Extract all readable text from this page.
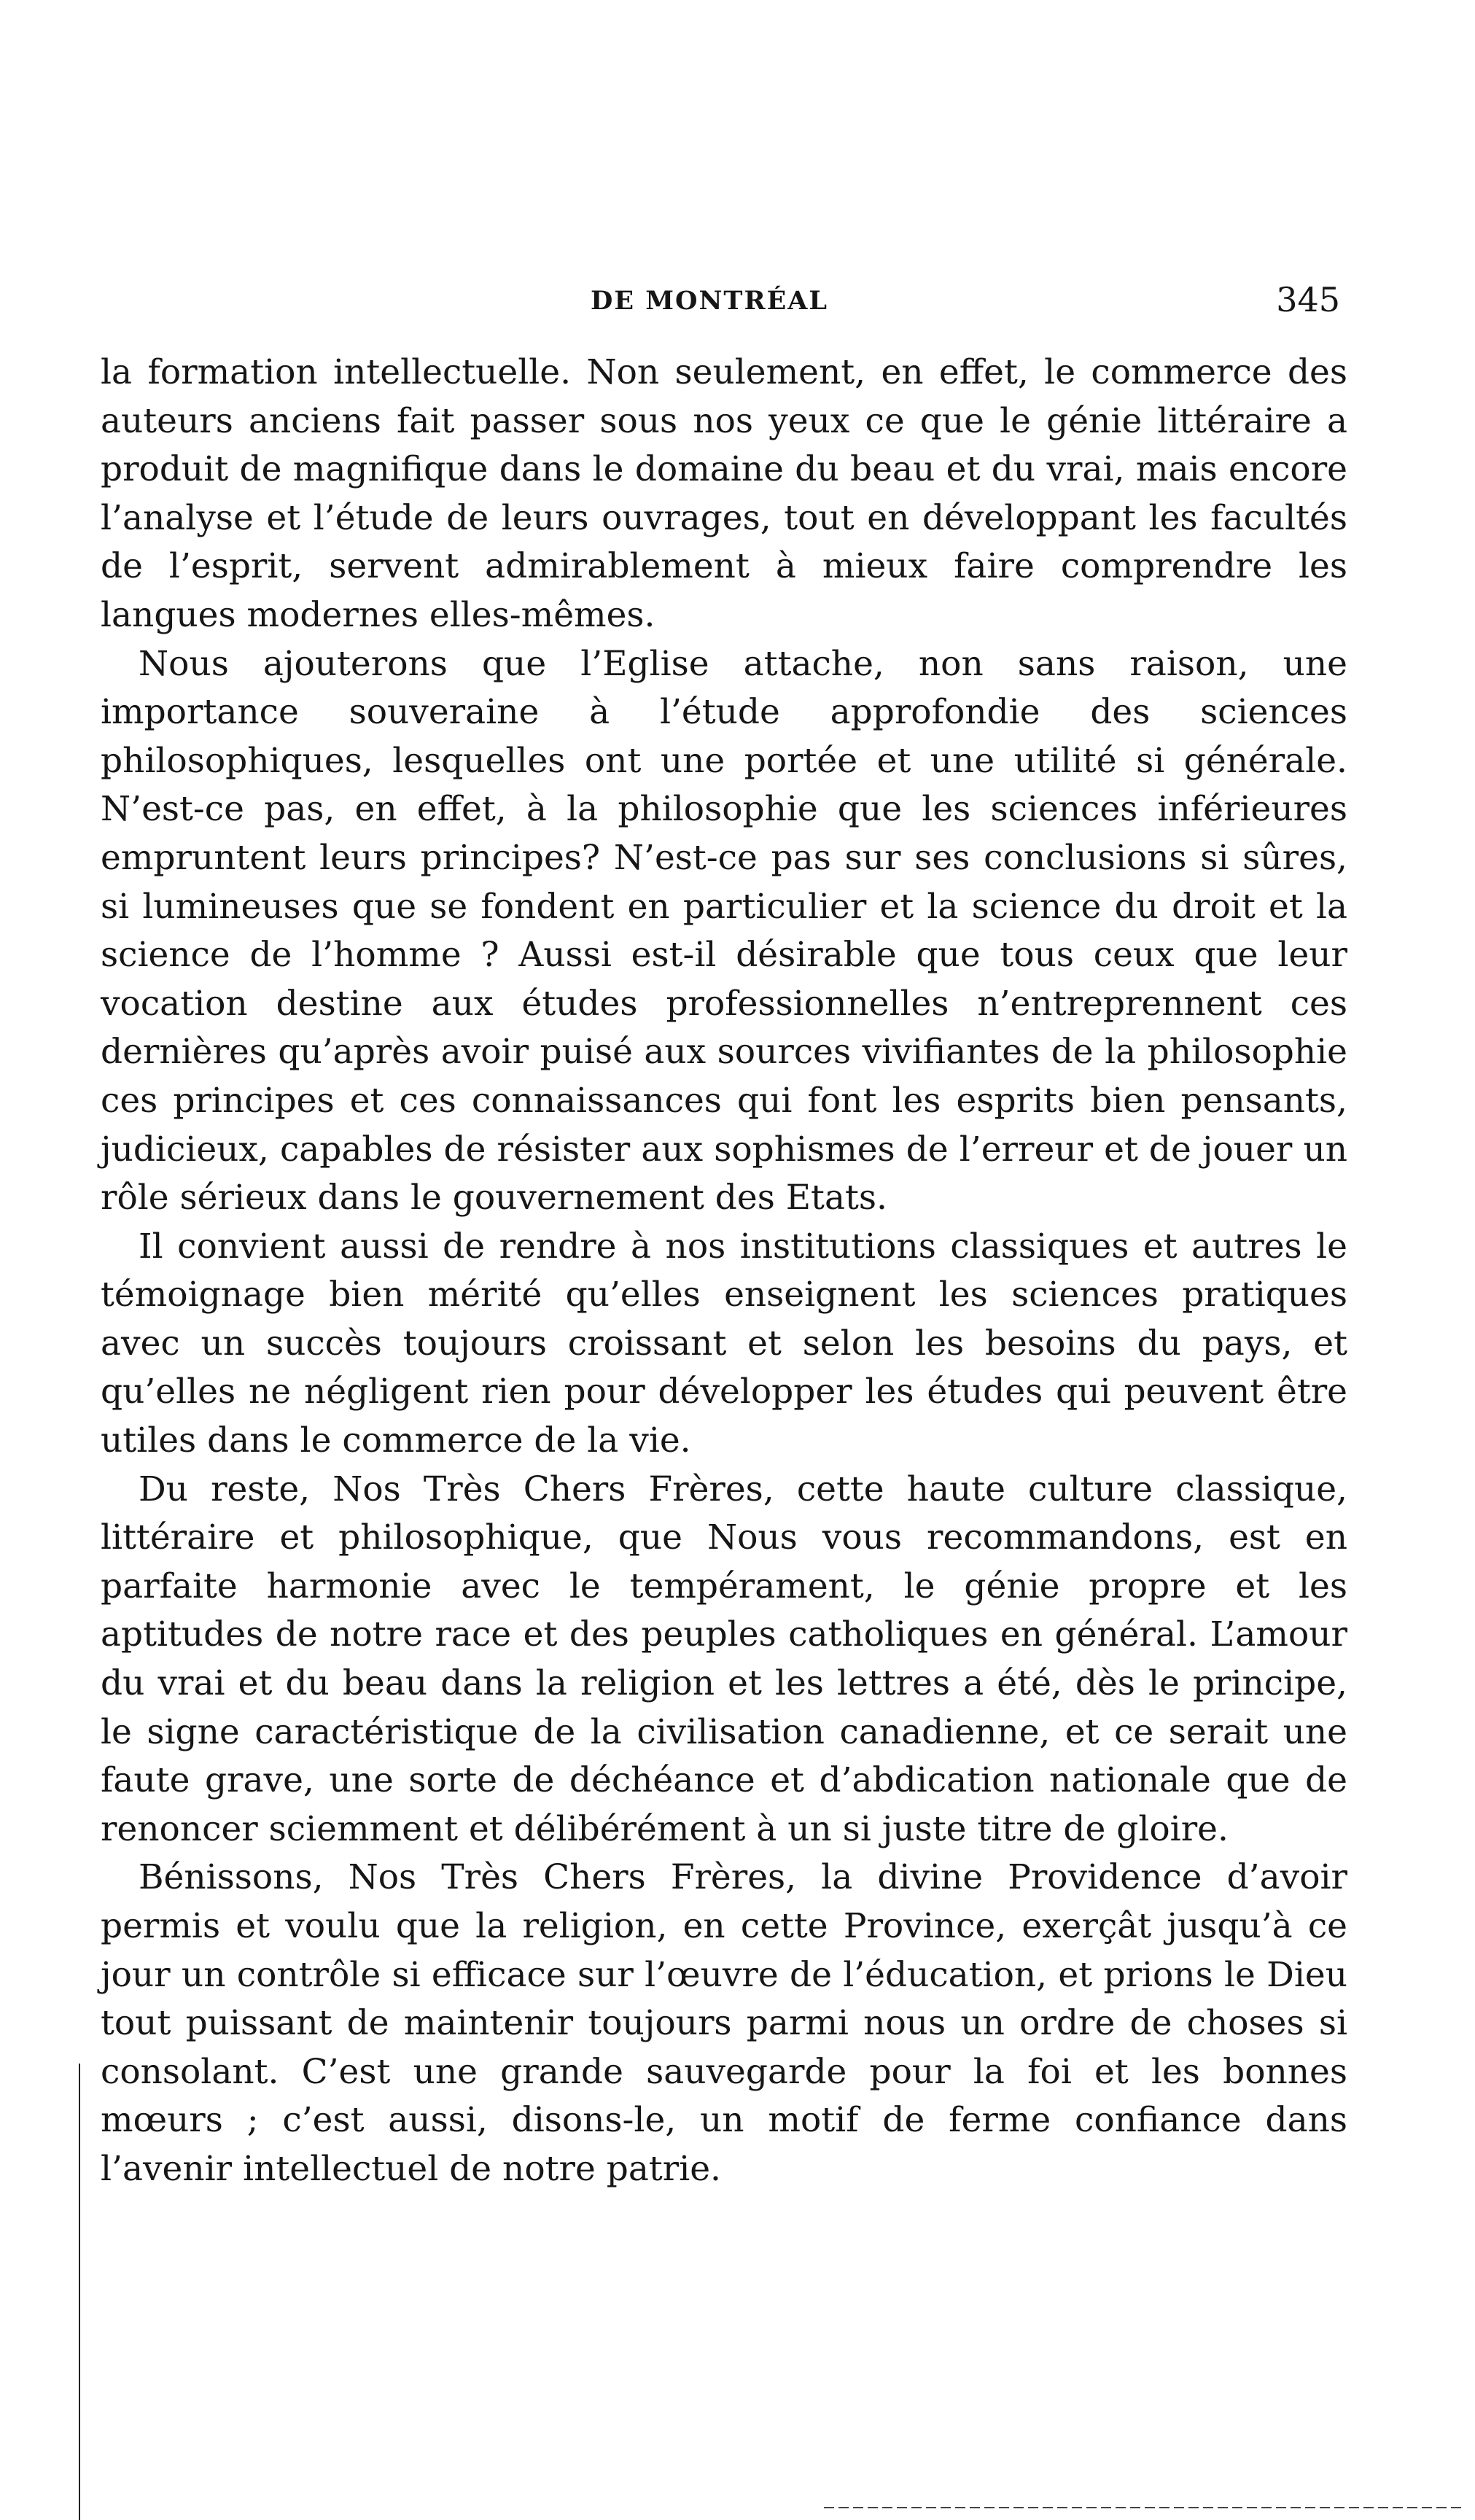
DE MONTRÉAL	345

la formation intellectuelle. Non seulement, en effet, le commerce des auteurs anciens fait passer sous nos yeux ce que le génie littéraire a produit de magnifique dans le domaine du beau et du vrai, mais encore l’analyse et l’étude de leurs ouvrages, tout en développant les facultés de l’esprit, servent admirablement à mieux faire comprendre les langues modernes elles-mêmes.

Nous ajouterons que l’Eglise attache, non sans raison, une importance souveraine à l’étude approfondie des sciences philosophiques, lesquelles ont une portée et une utilité si générale. N’est-ce pas, en effet, à la philosophie que les sciences inférieures empruntent leurs principes? N’est-ce pas sur ses conclusions si sûres, si lumineuses que se fondent en particulier et la science du droit et la science de l’homme ? Aussi est-il désirable que tous ceux que leur vocation destine aux études professionnelles n’entreprennent ces dernières qu’après avoir puisé aux sources vivifiantes de la philosophie ces principes et ces connaissances qui font les esprits bien pensants, judicieux, capables de résister aux sophismes de l’erreur et de jouer un rôle sérieux dans le gouvernement des Etats.

Il convient aussi de rendre à nos institutions classiques et autres le témoignage bien mérité qu’elles enseignent les sciences pratiques avec un succès toujours croissant et selon les besoins du pays, et qu’elles ne négligent rien pour développer les études qui peuvent être utiles dans le commerce de la vie.

Du reste, Nos Très Chers Frères, cette haute culture classique, littéraire et philosophique, que Nous vous recommandons, est en parfaite harmonie avec le tempérament, le génie propre et les aptitudes de notre race et des peuples catholiques en général. L’amour du vrai et du beau dans la religion et les lettres a été, dès le principe, le signe caractéristique de la civilisation canadienne, et ce serait une faute grave, une sorte de déchéance et d’abdication nationale que de renoncer sciemment et délibérément à un si juste titre de gloire.

Bénissons, Nos Très Chers Frères, la divine Providence d’avoir permis et voulu que la religion, en cette Province, exerçât jusqu’à ce jour un contrôle si efficace sur l’œuvre de l’éducation, et prions le Dieu tout puissant de maintenir toujours parmi nous un ordre de choses si consolant. C’est une grande sauvegarde pour la foi et les bonnes mœurs ; c’est aussi, disons-le, un motif de ferme confiance dans l’avenir intellectuel de notre patrie.
